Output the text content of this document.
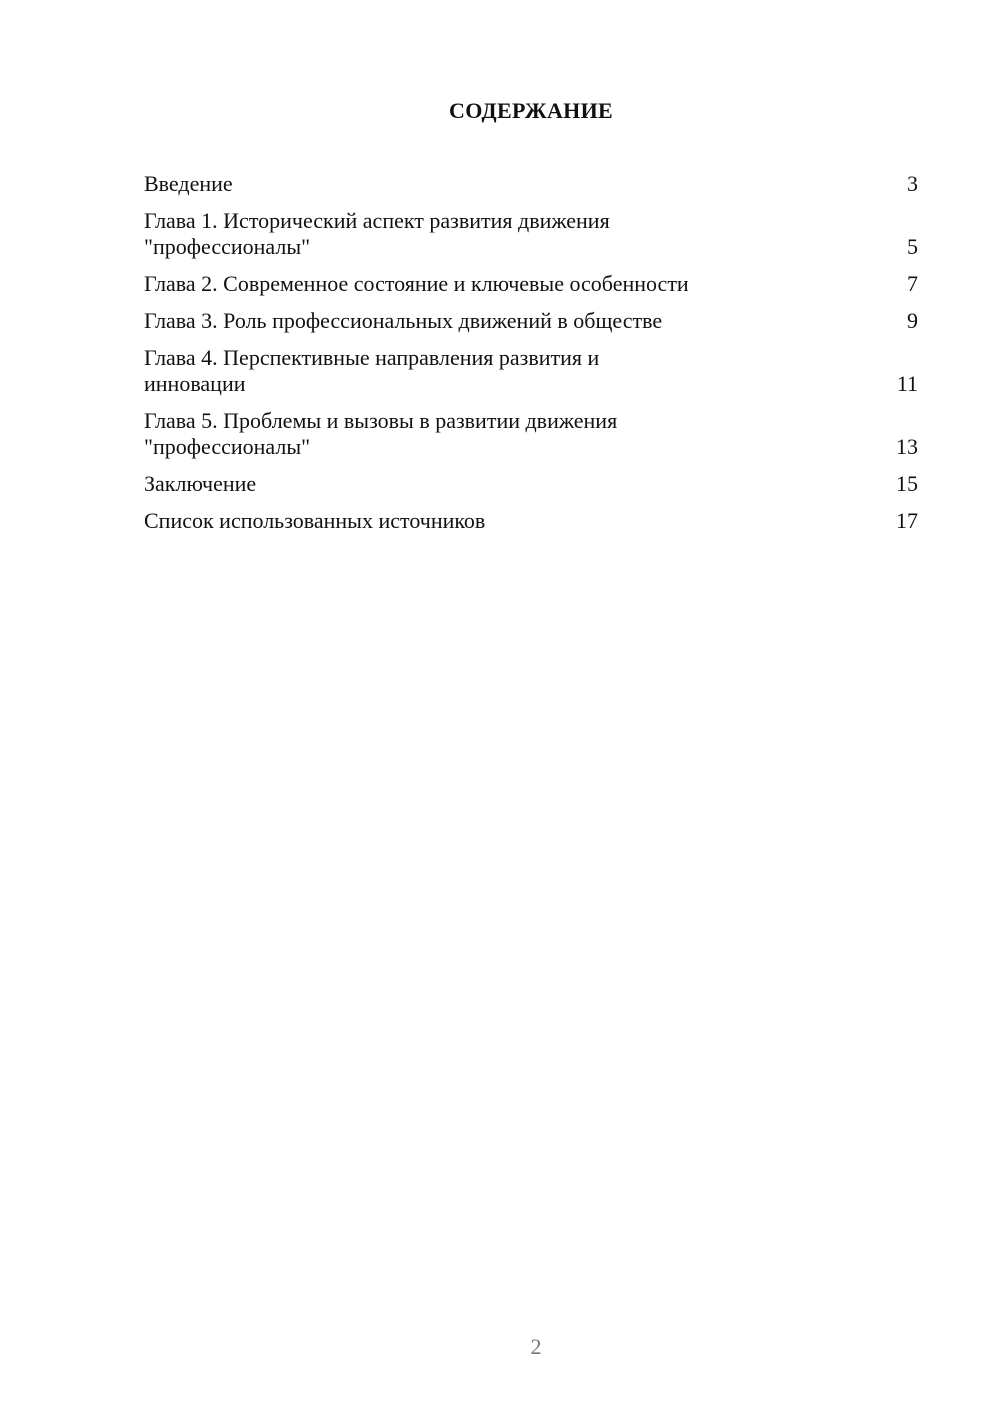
СОДЕРЖАНИЕ
Введение	3
Глава 1. Исторический аспект развития движения
"профессионалы"	5
Глава 2. Современное состояние и ключевые особенности	7
Глава 3. Роль профессиональных движений в обществе	9
Глава 4. Перспективные направления развития и инновации	11
Глава 5. Проблемы и вызовы в развитии движения
"профессионалы"	13
Заключение	15
Список использованных источников	17
2
